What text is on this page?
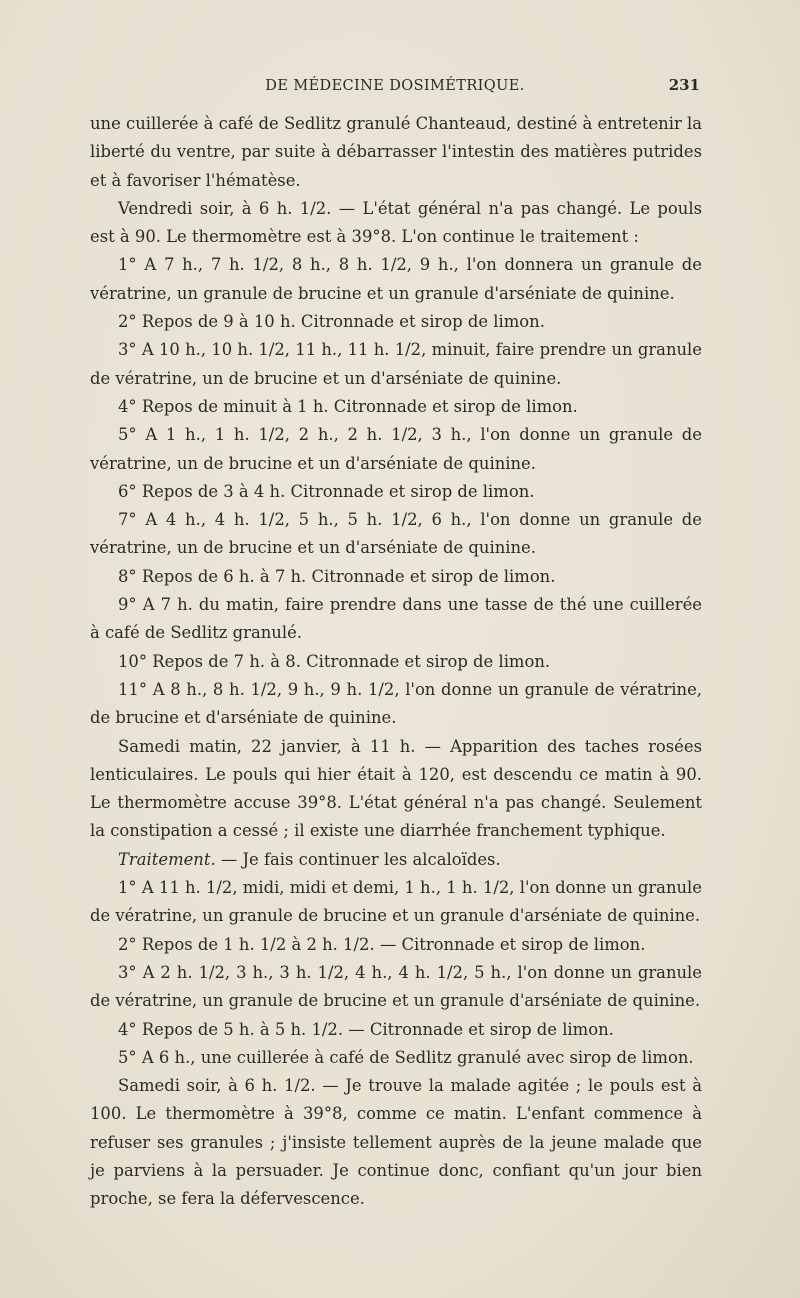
DE MÉDECINE DOSIMÉTRIQUE.	231

une cuillerée à café de Sedlitz granulé Chanteaud, destiné à entretenir la liberté du ventre, par suite à débarrasser l'intestin des matières putrides et à favoriser l'hématèse.

Vendredi soir, à 6 h. 1/2. — L'état général n'a pas changé. Le pouls est à 90. Le thermomètre est à 39°8. L'on continue le traitement :

1° A 7 h., 7 h. 1/2, 8 h., 8 h. 1/2, 9 h., l'on donnera un granule de vératrine, un granule de brucine et un granule d'arséniate de quinine.

2° Repos de 9 à 10 h. Citronnade et sirop de limon.

3° A 10 h., 10 h. 1/2, 11 h., 11 h. 1/2, minuit, faire prendre un granule de vératrine, un de brucine et un d'arséniate de quinine.

4° Repos de minuit à 1 h. Citronnade et sirop de limon.

5° A 1 h., 1 h. 1/2, 2 h., 2 h. 1/2, 3 h., l'on donne un granule de vératrine, un de brucine et un d'arséniate de quinine.

6° Repos de 3 à 4 h. Citronnade et sirop de limon.

7° A 4 h., 4 h. 1/2, 5 h., 5 h. 1/2, 6 h., l'on donne un granule de vératrine, un de brucine et un d'arséniate de quinine.

8° Repos de 6 h. à 7 h. Citronnade et sirop de limon.

9° A 7 h. du matin, faire prendre dans une tasse de thé une cuillerée à café de Sedlitz granulé.

10° Repos de 7 h. à 8. Citronnade et sirop de limon.

11° A 8 h., 8 h. 1/2, 9 h., 9 h. 1/2, l'on donne un granule de vératrine, de brucine et d'arséniate de quinine.

Samedi matin, 22 janvier, à 11 h. — Apparition des taches rosées lenticulaires. Le pouls qui hier était à 120, est descendu ce matin à 90. Le thermomètre accuse 39°8. L'état général n'a pas changé. Seulement la constipation a cessé ; il existe une diarrhée franchement typhique.

Traitement. — Je fais continuer les alcaloïdes.

1° A 11 h. 1/2, midi, midi et demi, 1 h., 1 h. 1/2, l'on donne un granule de vératrine, un granule de brucine et un granule d'arséniate de quinine.

2° Repos de 1 h. 1/2 à 2 h. 1/2. — Citronnade et sirop de limon.

3° A 2 h. 1/2, 3 h., 3 h. 1/2, 4 h., 4 h. 1/2, 5 h., l'on donne un granule de vératrine, un granule de brucine et un granule d'arséniate de quinine.

4° Repos de 5 h. à 5 h. 1/2. — Citronnade et sirop de limon.

5° A 6 h., une cuillerée à café de Sedlitz granulé avec sirop de limon.

Samedi soir, à 6 h. 1/2. — Je trouve la malade agitée ; le pouls est à 100. Le thermomètre à 39°8, comme ce matin. L'enfant commence à refuser ses granules ; j'insiste tellement auprès de la jeune malade que je parviens à la persuader. Je continue donc, confiant qu'un jour bien proche, se fera la défervescence.
